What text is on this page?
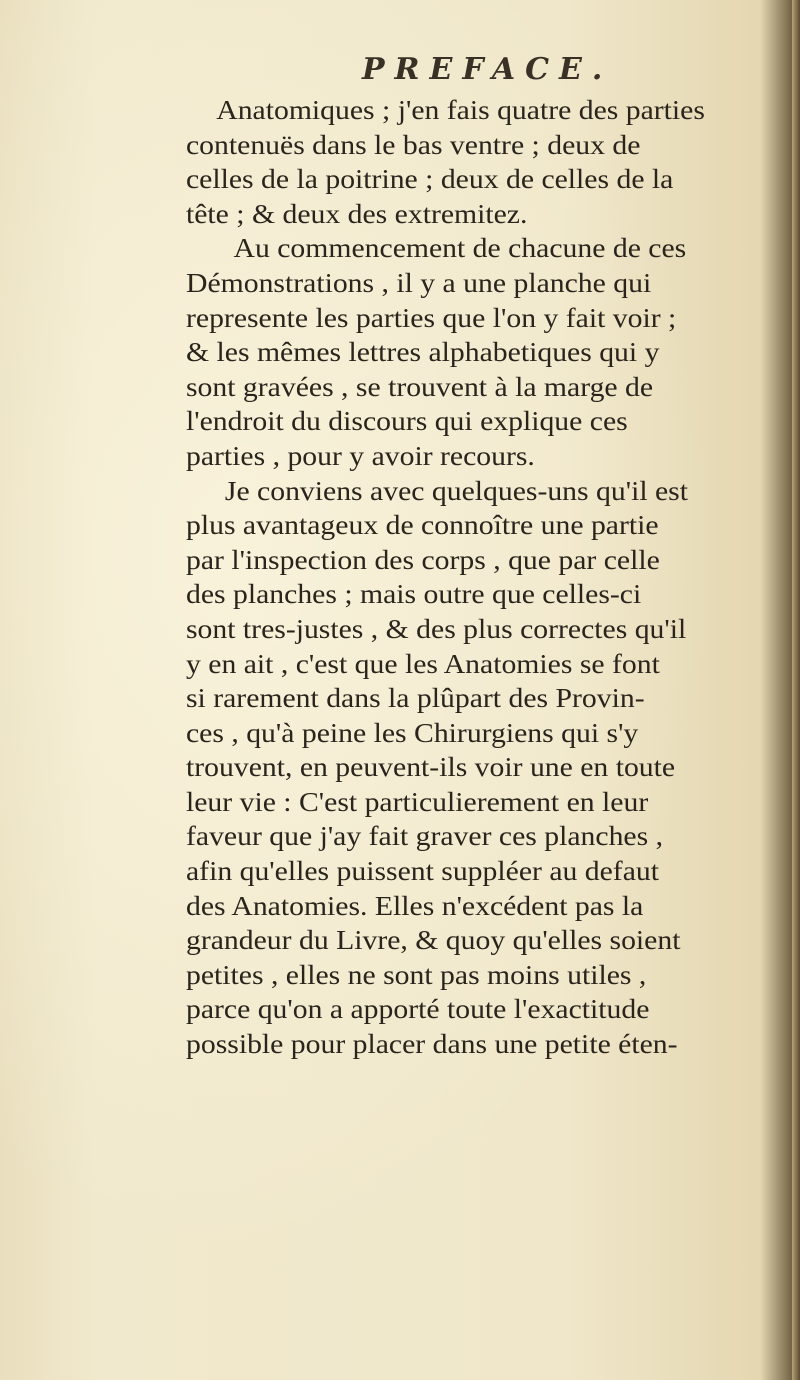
PREFACE.
Anatomiques ; j'en fais quatre des parties
contenuës dans le bas ventre ; deux de
celles de la poitrine ; deux de celles de la
tête ; & deux des extremitez.
Au commencement de chacune de ces
Démonstrations , il y a une planche qui
represente les parties que l'on y fait voir ;
& les mêmes lettres alphabetiques qui y
sont gravées , se trouvent à la marge de
l'endroit du discours qui explique ces
parties , pour y avoir recours.
Je conviens avec quelques-uns qu'il est
plus avantageux de connoître une partie
par l'inspection des corps , que par celle
des planches ; mais outre que celles-ci
sont tres-justes , & des plus correctes qu'il
y en ait , c'est que les Anatomies se font
si rarement dans la plûpart des Provin-
ces , qu'à peine les Chirurgiens qui s'y
trouvent, en peuvent-ils voir une en toute
leur vie : C'est particulierement en leur
faveur que j'ay fait graver ces planches ,
afin qu'elles puissent suppléer au defaut
des Anatomies. Elles n'excédent pas la
grandeur du Livre, & quoy qu'elles soient
petites , elles ne sont pas moins utiles ,
parce qu'on a apporté toute l'exactitude
possible pour placer dans une petite éten-
